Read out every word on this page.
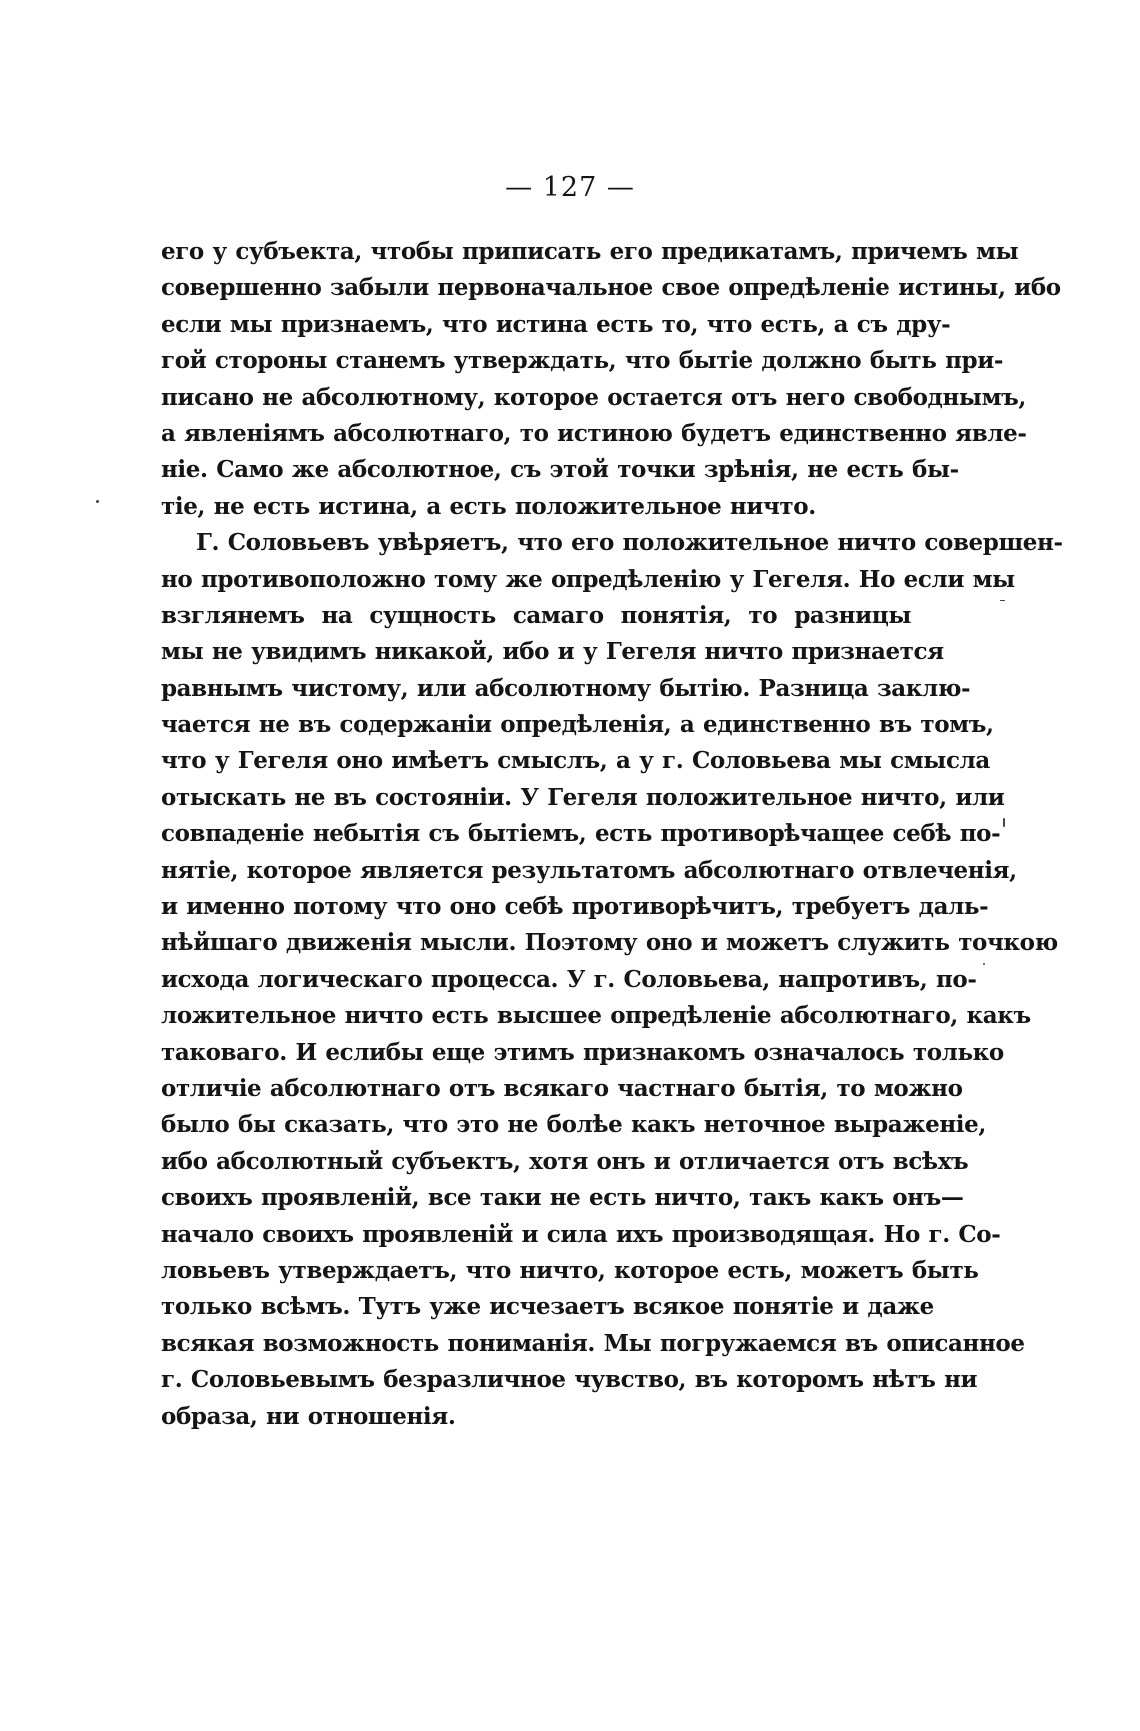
— 127 —
его у субъекта, чтобы приписать его предикатамъ, причемъ мы
совершенно забыли первоначальное свое опредѣленіе истины, ибо
если мы признаемъ, что истина есть то, что есть, а съ дру-
гой стороны станемъ утверждать, что бытіе должно быть при-
писано не абсолютному, которое остается отъ него свободнымъ,
а явленіямъ абсолютнаго, то истиною будетъ единственно явле-
ніе. Само же абсолютное, съ этой точки зрѣнія, не есть бы-
тіе, не есть истина, а есть положительное ничто.
Г. Соловьевъ увѣряетъ, что его положительное ничто совершен-
но противоположно тому же опредѣленію у Гегеля. Но если мы
взглянемъ на сущность самаго понятія, то разницы
мы не увидимъ никакой, ибо и у Гегеля ничто признается
равнымъ чистому, или абсолютному бытію. Разница заклю-
чается не въ содержаніи опредѣленія, а единственно въ томъ,
что у Гегеля оно имѣетъ смыслъ, а у г. Соловьева мы смысла
отыскать не въ состояніи. У Гегеля положительное ничто, или
совпаденіе небытія съ бытіемъ, есть противорѣчащее себѣ по-
нятіе, которое является результатомъ абсолютнаго отвлеченія,
и именно потому что оно себѣ противорѣчитъ, требуетъ даль-
нѣйшаго движенія мысли. Поэтому оно и можетъ служить точкою
исхода логическаго процесса. У г. Соловьева, напротивъ, по-
ложительное ничто есть высшее опредѣленіе абсолютнаго, какъ
таковаго. И еслибы еще этимъ признакомъ означалось только
отличіе абсолютнаго отъ всякаго частнаго бытія, то можно
было бы сказать, что это не болѣе какъ неточное выраженіе,
ибо абсолютный субъектъ, хотя онъ и отличается отъ всѣхъ
своихъ проявленій, все таки не есть ничто, такъ какъ онъ—
начало своихъ проявленій и сила ихъ производящая. Но г. Со-
ловьевъ утверждаетъ, что ничто, которое есть, можетъ быть
только всѣмъ. Тутъ уже исчезаетъ всякое понятіе и даже
всякая возможность пониманія. Мы погружаемся въ описанное
г. Соловьевымъ безразличное чувство, въ которомъ нѣтъ ни
образа, ни отношенія.
